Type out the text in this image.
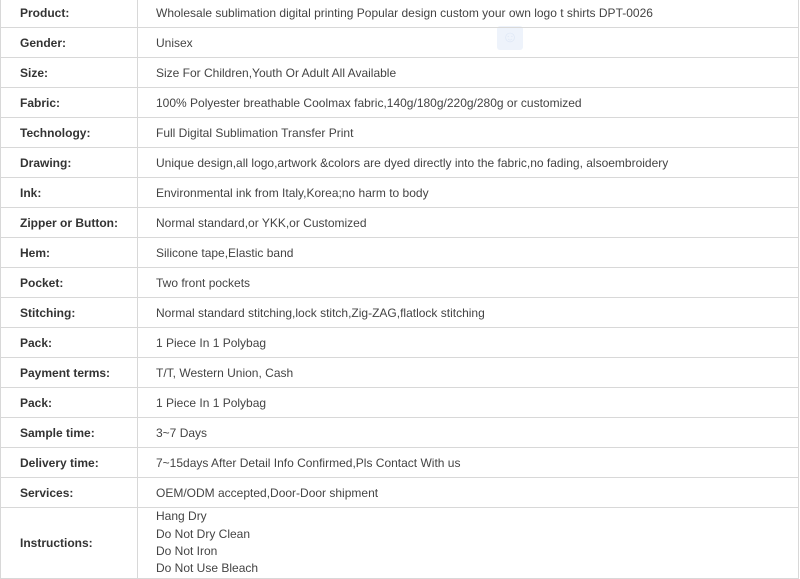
☺
Product:	Wholesale sublimation digital printing Popular design custom your own logo t shirts DPT-0026
Gender:	Unisex
Size:	Size For Children,Youth Or Adult All Available
Fabric:	100% Polyester breathable Coolmax fabric,140g/180g/220g/280g or customized
Technology:	Full Digital Sublimation Transfer Print
Drawing:	Unique design,all logo,artwork &colors are dyed directly into the fabric,no fading, alsoembroidery
Ink:	Environmental ink from Italy,Korea;no harm to body
Zipper or Button:	Normal standard,or YKK,or Customized
Hem:	Silicone tape,Elastic band
Pocket:	Two front pockets
Stitching:	Normal standard stitching,lock stitch,Zig-ZAG,flatlock stitching
Pack:	1 Piece In 1 Polybag
Payment terms:	T/T, Western Union, Cash
Pack:	1 Piece In 1 Polybag
Sample time:	3~7 Days
Delivery time:	7~15days After Detail Info Confirmed,Pls Contact With us
Services:	OEM/ODM accepted,Door-Door shipment
Instructions:	Hang Dry
Do Not Dry Clean
Do Not Iron
Do Not Use Bleach
